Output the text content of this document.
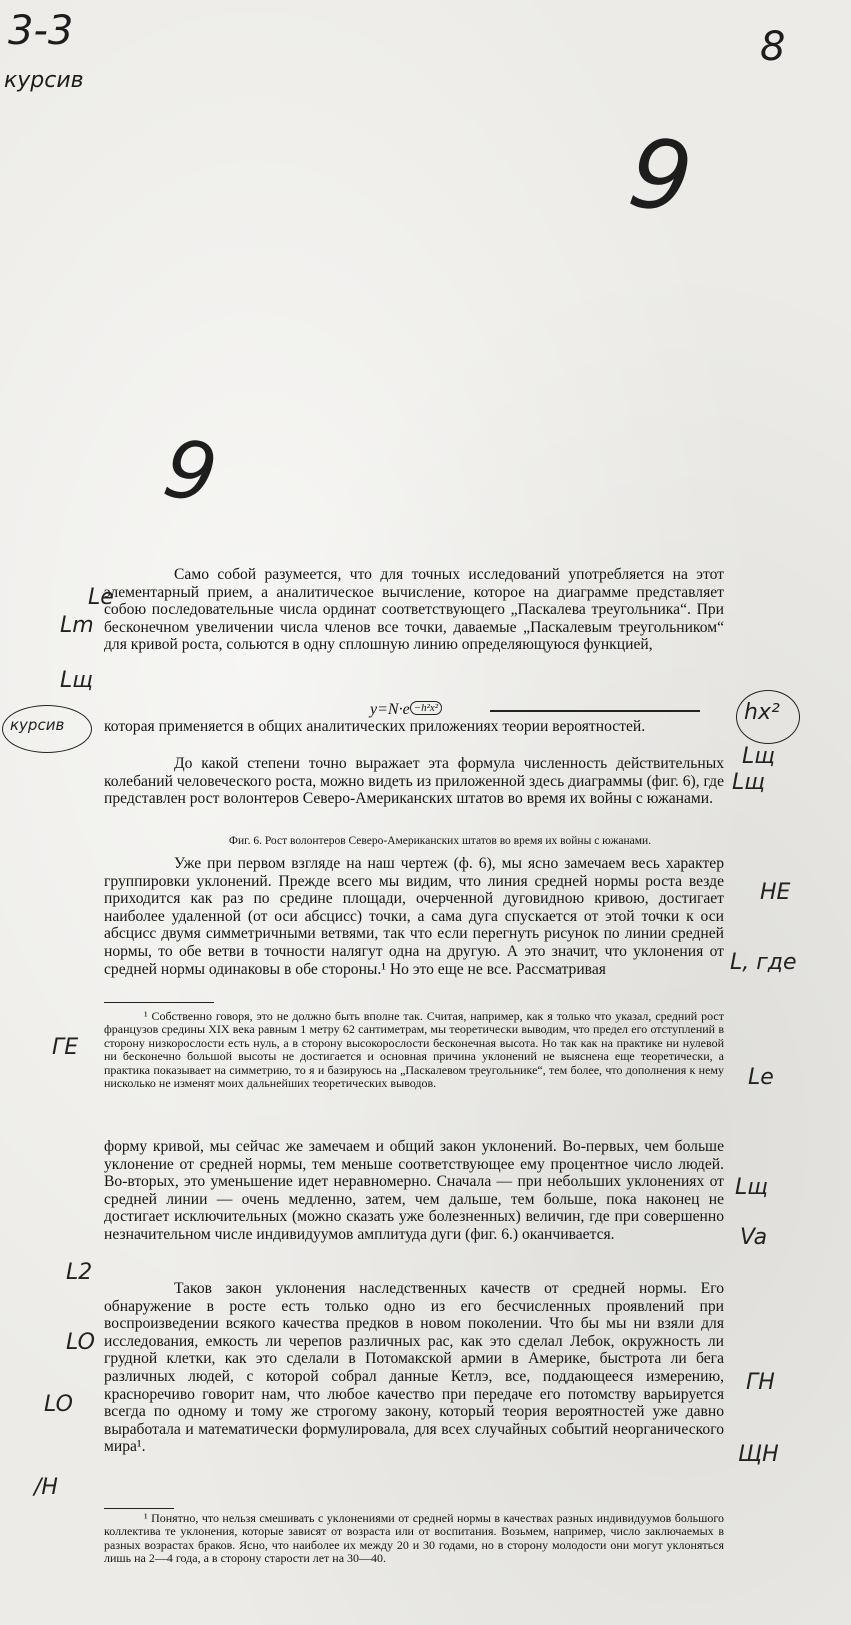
3-3
курсив
8
9
9

Само собой разумеется, что для точных исследований употребляется на этот элементарный прием, а аналитическое вычисление, которое на диаграмме представляет собою последовательные числа ординат соответствующего „Паскалева треугольника“. При бесконечном увеличении числа членов все точки, даваемые „Паскалевым треугольником“ для кривой роста, сольются в одну сплошную линию определяющуюся функцией,

y=N·e −h²x²

которая применяется в общих аналитических приложениях теории вероятностей.

До какой степени точно выражает эта формула численность действительных колебаний человеческого роста, можно видеть из приложенной здесь диаграммы (фиг. 6), где представлен рост волонтеров Северо-Американских штатов во время их войны с южанами.

Фиг. 6. Рост волонтеров Северо-Американских штатов во время их войны с южанами.

Уже при первом взгляде на наш чертеж (ф. 6), мы ясно замечаем весь характер группировки уклонений. Прежде всего мы видим, что линия средней нормы роста везде приходится как раз по средине площади, очерченной дуговидною кривою, достигает наиболее удаленной (от оси абсцисс) точки, а сама дуга спускается от этой точки к оси абсцисс двумя симметричными ветвями, так что если перегнуть рисунок по линии средней нормы, то обе ветви в точности налягут одна на другую. А это значит, что уклонения от средней нормы одинаковы в обе стороны.¹ Но это еще не все. Рассматривая

¹ Собственно говоря, это не должно быть вполне так. Считая, например, как я только что указал, средний рост французов средины XIX века равным 1 метру 62 сантиметрам, мы теоретически выводим, что предел его отступлений в сторону низкорослости есть нуль, а в сторону высокорослости бесконечная высота. Но так как на практике ни нулевой ни бесконечно большой высоты не достигается и основная причина уклонений не выяснена еще теоретически, а практика показывает на симметрию, то я и базируюсь на „Паскалевом треугольнике“, тем более, что дополнения к нему нисколько не изменят моих дальнейших теоретических выводов.

форму кривой, мы сейчас же замечаем и общий закон уклонений. Во-первых, чем больше уклонение от средней нормы, тем меньше соответствующее ему процентное число людей. Во-вторых, это уменьшение идет неравномерно. Сначала — при небольших уклонениях от средней линии — очень медленно, затем, чем дальше, тем больше, пока наконец не достигает исключительных (можно сказать уже болезненных) величин, где при совершенно незначительном числе индивидуумов амплитуда дуги (фиг. 6.) оканчивается.

Таков закон уклонения наследственных качеств от средней нормы. Его обнаружение в росте есть только одно из его бесчисленных проявлений при воспроизведении всякого качества предков в новом поколении. Что бы мы ни взяли для исследования, емкость ли черепов различных рас, как это сделал Лебок, окружность ли грудной клетки, как это сделали в Потомакской армии в Америке, быстрота ли бега различных людей, с которой собрал данные Кетлэ, все, поддающееся измерению, красноречиво говорит нам, что любое качество при передаче его потомству варьируется всегда по одному и тому же строгому закону, который теория вероятностей уже давно выработала и математически формулировала, для всех случайных событий неорганического мира¹.

¹ Понятно, что нельзя смешивать с уклонениями от средней нормы в качествах разных индивидуумов большого коллектива те уклонения, которые зависят от возраста или от воспитания. Возьмем, например, число заключаемых в разных возрастах браков. Ясно, что наиболее их между 20 и 30 годами, но в сторону молодости они могут уклоняться лишь на 2—4 года, а в сторону старости лет на 30—40.

Le
Lm
Lщ
курсив	hx²
Lщ
Lщ
НЕ
L, где
ГЕ
Le
Lщ
Va
L2
LO
LO
ГН
ЩН
/Н
